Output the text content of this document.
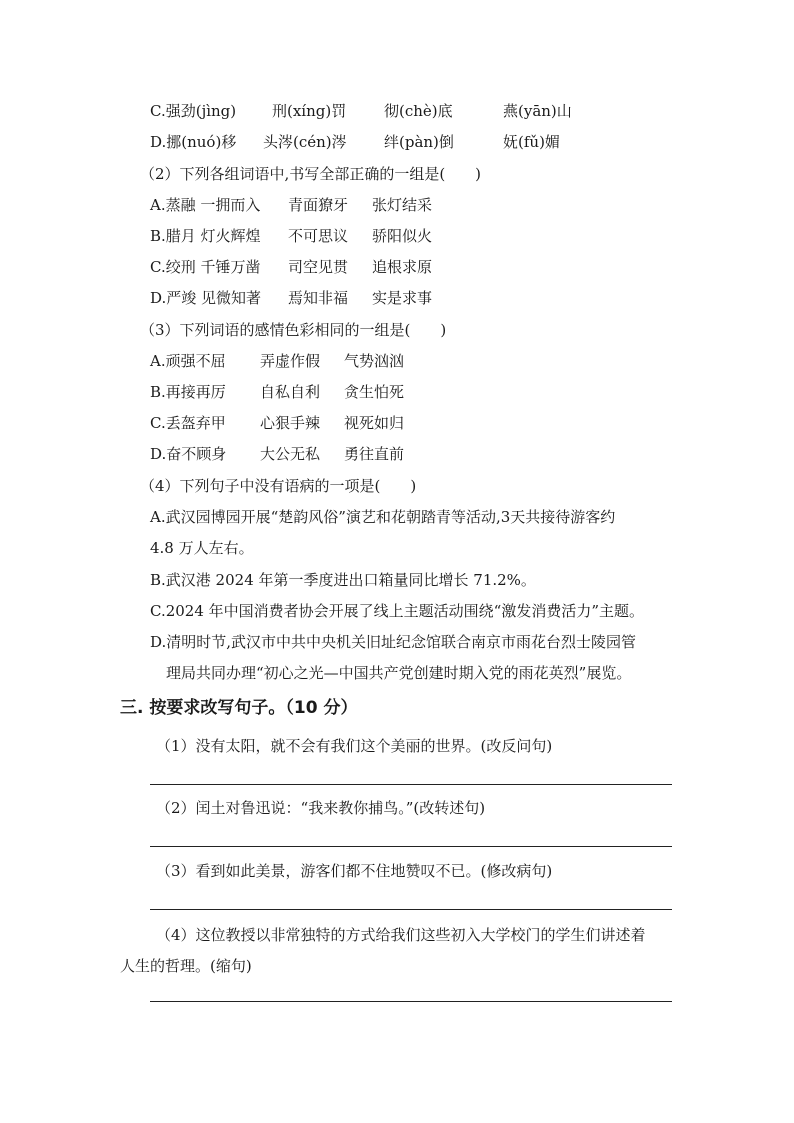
C.强劲(jìng) 刑(xíng)罚	彻(chè)底	燕(yān)山
D.挪(nuó)移 头涔(cén)涔 绊(pàn)倒	妩(fǔ)媚
（2）下列各组词语中,书写全部正确的一组是(　　)
A.蒸融 一拥而入 青面獠牙 张灯结采
B.腊月 灯火辉煌 不可思议 骄阳似火
C.绞刑 千锤万凿 司空见贯 追根求原
D.严竣 见微知著 焉知非福 实是求事
（3）下列词语的感情色彩相同的一组是(　　)
A.顽强不屈 弄虚作假 气势汹汹
B.再接再厉 自私自利 贪生怕死
C.丢盔弃甲 心狠手辣 视死如归
D.奋不顾身 大公无私 勇往直前
（4）下列句子中没有语病的一项是(　　)
A.武汉园博园开展“楚韵风俗”演艺和花朝踏青等活动,3天共接待游客约
4.8 万人左右。
B.武汉港 2024 年第一季度进出口箱量同比增长 71.2%。
C.2024 年中国消费者协会开展了线上主题活动围绕“激发消费活力”主题。
D.清明时节,武汉市中共中央机关旧址纪念馆联合南京市雨花台烈士陵园管
理局共同办理“初心之光—中国共产党创建时期入党的雨花英烈”展览。
三. 按要求改写句子。（10 分）
（1）没有太阳，就不会有我们这个美丽的世界。(改反问句)
（2）闰土对鲁迅说：“我来教你捕鸟。”(改转述句)
（3）看到如此美景，游客们都不住地赞叹不已。(修改病句)
（4）这位教授以非常独特的方式给我们这些初入大学校门的学生们讲述着
人生的哲理。(缩句)
